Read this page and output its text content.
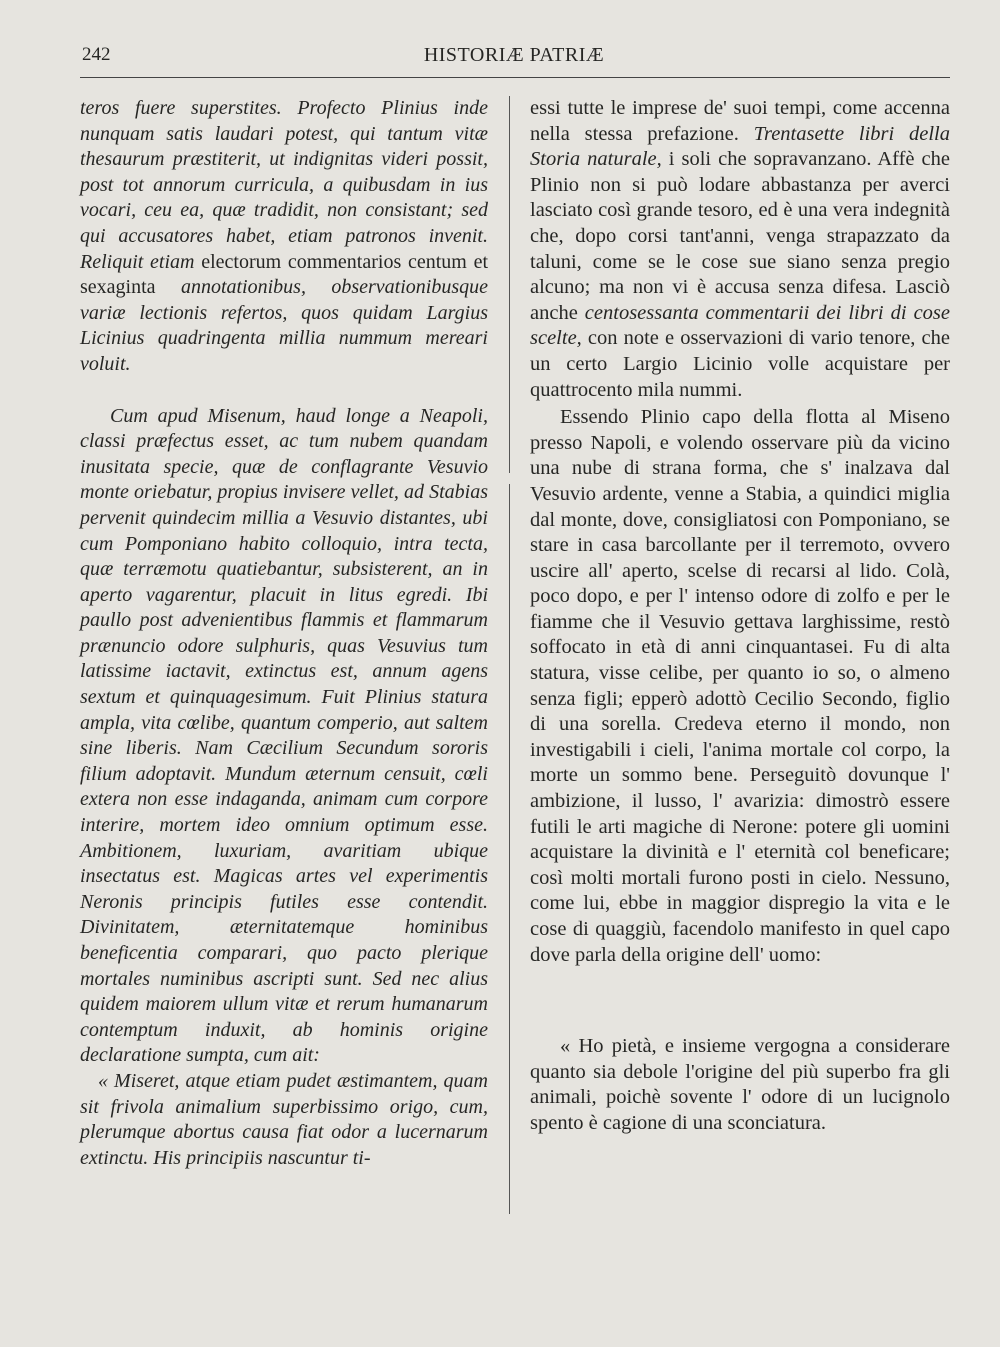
242	HISTORIÆ PATRIÆ

teros fuere superstites. Profecto Plinius inde nunquam satis laudari potest, qui tantum vitæ thesaurum præstiterit, ut indignitas videri possit, post tot annorum curricula, a quibusdam in ius vocari, ceu ea, quæ tradidit, non consistant; sed qui accusatores habet, etiam patronos invenit. Reliquit etiam electorum commentarios centum et sexaginta annotationibus, observationibusque variæ lectionis refertos, quos quidam Largius Licinius quadringenta millia nummum mereari voluit.

Cum apud Misenum, haud longe a Neapoli, classi præfectus esset, ac tum nubem quandam inusitata specie, quæ de conflagrante Vesuvio monte oriebatur, propius invisere vellet, ad Stabias pervenit quindecim millia a Vesuvio distantes, ubi cum Pomponiano habito colloquio, intra tecta, quæ terræmotu quatiebantur, subsisterent, an in aperto vagarentur, placuit in litus egredi. Ibi paullo post advenientibus flammis et flammarum prænuncio odore sulphuris, quas Vesuvius tum latissime iactavit, extinctus est, annum agens sextum et quinquagesimum. Fuit Plinius statura ampla, vita cœlibe, quantum comperio, aut saltem sine liberis. Nam Cæcilium Secundum sororis filium adoptavit. Mundum æternum censuit, cœli extera non esse indaganda, animam cum corpore interire, mortem ideo omnium optimum esse. Ambitionem, luxuriam, avaritiam ubique insectatus est. Magicas artes vel experimentis Neronis principis futiles esse contendit. Divinitatem, æternitatemque hominibus beneficentia comparari, quo pacto plerique mortales numinibus ascripti sunt. Sed nec alius quidem maiorem ullum vitæ et rerum humanarum contemptum induxit, ab hominis origine declaratione sumpta, cum ait:

« Miseret, atque etiam pudet æstimantem, quam sit frivola animalium superbissimo origo, cum, plerumque abortus causa fiat odor a lucernarum extinctu. His principiis nascuntur ti-

essi tutte le imprese de' suoi tempi, come accenna nella stessa prefazione. Trentasette libri della Storia naturale, i soli che sopravanzano. Affè che Plinio non si può lodare abbastanza per averci lasciato così grande tesoro, ed è una vera indegnità che, dopo corsi tant'anni, venga strapazzato da taluni, come se le cose sue siano senza pregio alcuno; ma non vi è accusa senza difesa. Lasciò anche centosessanta commentarii dei libri di cose scelte, con note e osservazioni di vario tenore, che un certo Largio Licinio volle acquistare per quattrocento mila nummi.

Essendo Plinio capo della flotta al Miseno presso Napoli, e volendo osservare più da vicino una nube di strana forma, che s' inalzava dal Vesuvio ardente, venne a Stabia, a quindici miglia dal monte, dove, consigliatosi con Pomponiano, se stare in casa barcollante per il terremoto, ovvero uscire all' aperto, scelse di recarsi al lido. Colà, poco dopo, e per l' intenso odore di zolfo e per le fiamme che il Vesuvio gettava larghissime, restò soffocato in età di anni cinquantasei. Fu di alta statura, visse celibe, per quanto io so, o almeno senza figli; epperò adottò Cecilio Secondo, figlio di una sorella. Credeva eterno il mondo, non investigabili i cieli, l'anima mortale col corpo, la morte un sommo bene. Perseguitò dovunque l' ambizione, il lusso, l' avarizia: dimostrò essere futili le arti magiche di Nerone: potere gli uomini acquistare la divinità e l' eternità col beneficare; così molti mortali furono posti in cielo. Nessuno, come lui, ebbe in maggior dispregio la vita e le cose di quaggiù, facendolo manifesto in quel capo dove parla della origine dell' uomo:

« Ho pietà, e insieme vergogna a considerare quanto sia debole l'origine del più superbo fra gli animali, poichè sovente l' odore di un lucignolo spento è cagione di una sconciatura.
